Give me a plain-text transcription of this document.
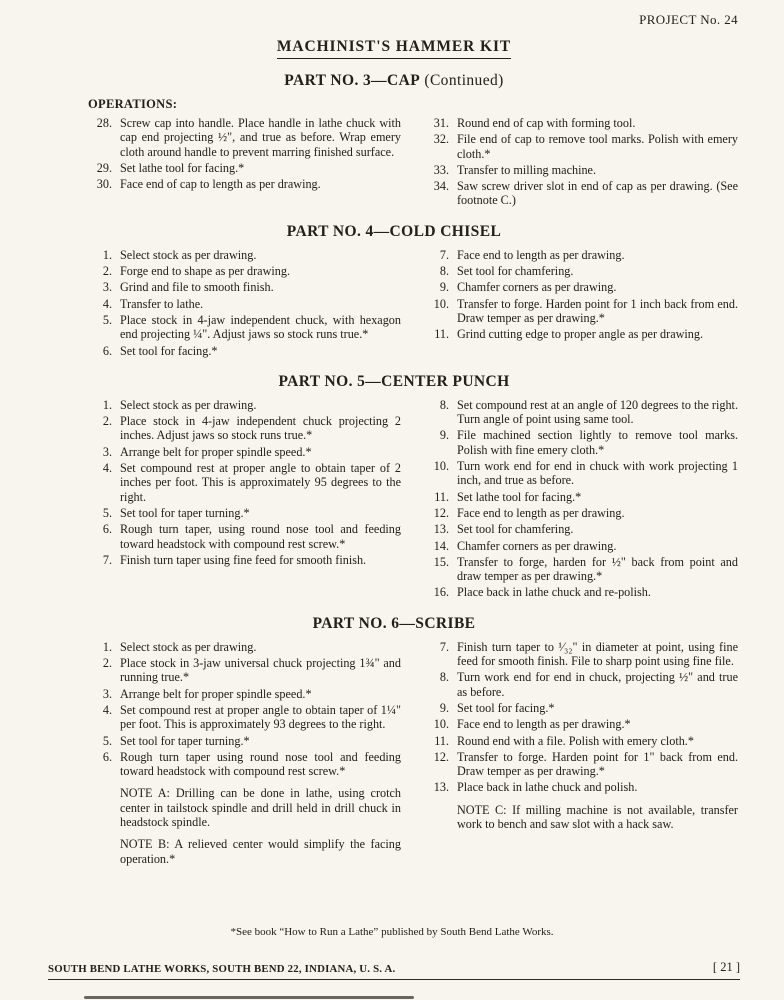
PROJECT No. 24
MACHINIST'S HAMMER KIT
PART NO. 3—CAP (Continued)
OPERATIONS:
28. Screw cap into handle. Place handle in lathe chuck with cap end projecting ½", and true as before. Wrap emery cloth around handle to prevent marring finished surface.
29. Set lathe tool for facing.*
30. Face end of cap to length as per drawing.
31. Round end of cap with forming tool.
32. File end of cap to remove tool marks. Polish with emery cloth.*
33. Transfer to milling machine.
34. Saw screw driver slot in end of cap as per drawing. (See footnote C.)
PART NO. 4—COLD CHISEL
1. Select stock as per drawing.
2. Forge end to shape as per drawing.
3. Grind and file to smooth finish.
4. Transfer to lathe.
5. Place stock in 4-jaw independent chuck, with hexagon end projecting ¼". Adjust jaws so stock runs true.*
6. Set tool for facing.*
7. Face end to length as per drawing.
8. Set tool for chamfering.
9. Chamfer corners as per drawing.
10. Transfer to forge. Harden point for 1 inch back from end. Draw temper as per drawing.*
11. Grind cutting edge to proper angle as per drawing.
PART NO. 5—CENTER PUNCH
1. Select stock as per drawing.
2. Place stock in 4-jaw independent chuck projecting 2 inches. Adjust jaws so stock runs true.*
3. Arrange belt for proper spindle speed.*
4. Set compound rest at proper angle to obtain taper of 2 inches per foot. This is approximately 95 degrees to the right.
5. Set tool for taper turning.*
6. Rough turn taper, using round nose tool and feeding toward headstock with compound rest screw.*
7. Finish turn taper using fine feed for smooth finish.
8. Set compound rest at an angle of 120 degrees to the right. Turn angle of point using same tool.
9. File machined section lightly to remove tool marks. Polish with fine emery cloth.*
10. Turn work end for end in chuck with work projecting 1 inch, and true as before.
11. Set lathe tool for facing.*
12. Face end to length as per drawing.
13. Set tool for chamfering.
14. Chamfer corners as per drawing.
15. Transfer to forge, harden for ½" back from point and draw temper as per drawing.*
16. Place back in lathe chuck and re-polish.
PART NO. 6—SCRIBE
1. Select stock as per drawing.
2. Place stock in 3-jaw universal chuck projecting 1¾" and running true.*
3. Arrange belt for proper spindle speed.*
4. Set compound rest at proper angle to obtain taper of 1¼" per foot. This is approximately 93 degrees to the right.
5. Set tool for taper turning.*
6. Rough turn taper using round nose tool and feeding toward headstock with compound rest screw.*
NOTE A: Drilling can be done in lathe, using crotch center in tailstock spindle and drill held in drill chuck in headstock spindle.
NOTE B: A relieved center would simplify the facing operation.*
7. Finish turn taper to ¹⁄₃₂" in diameter at point, using fine feed for smooth finish. File to sharp point using fine file.
8. Turn work end for end in chuck, projecting ½" and true as before.
9. Set tool for facing.*
10. Face end to length as per drawing.*
11. Round end with a file. Polish with emery cloth.*
12. Transfer to forge. Harden point for 1" back from end. Draw temper as per drawing.*
13. Place back in lathe chuck and polish.
NOTE C: If milling machine is not available, transfer work to bench and saw slot with a hack saw.
*See book “How to Run a Lathe” published by South Bend Lathe Works.
SOUTH BEND LATHE WORKS, SOUTH BEND 22, INDIANA, U. S. A.	[ 21 ]
